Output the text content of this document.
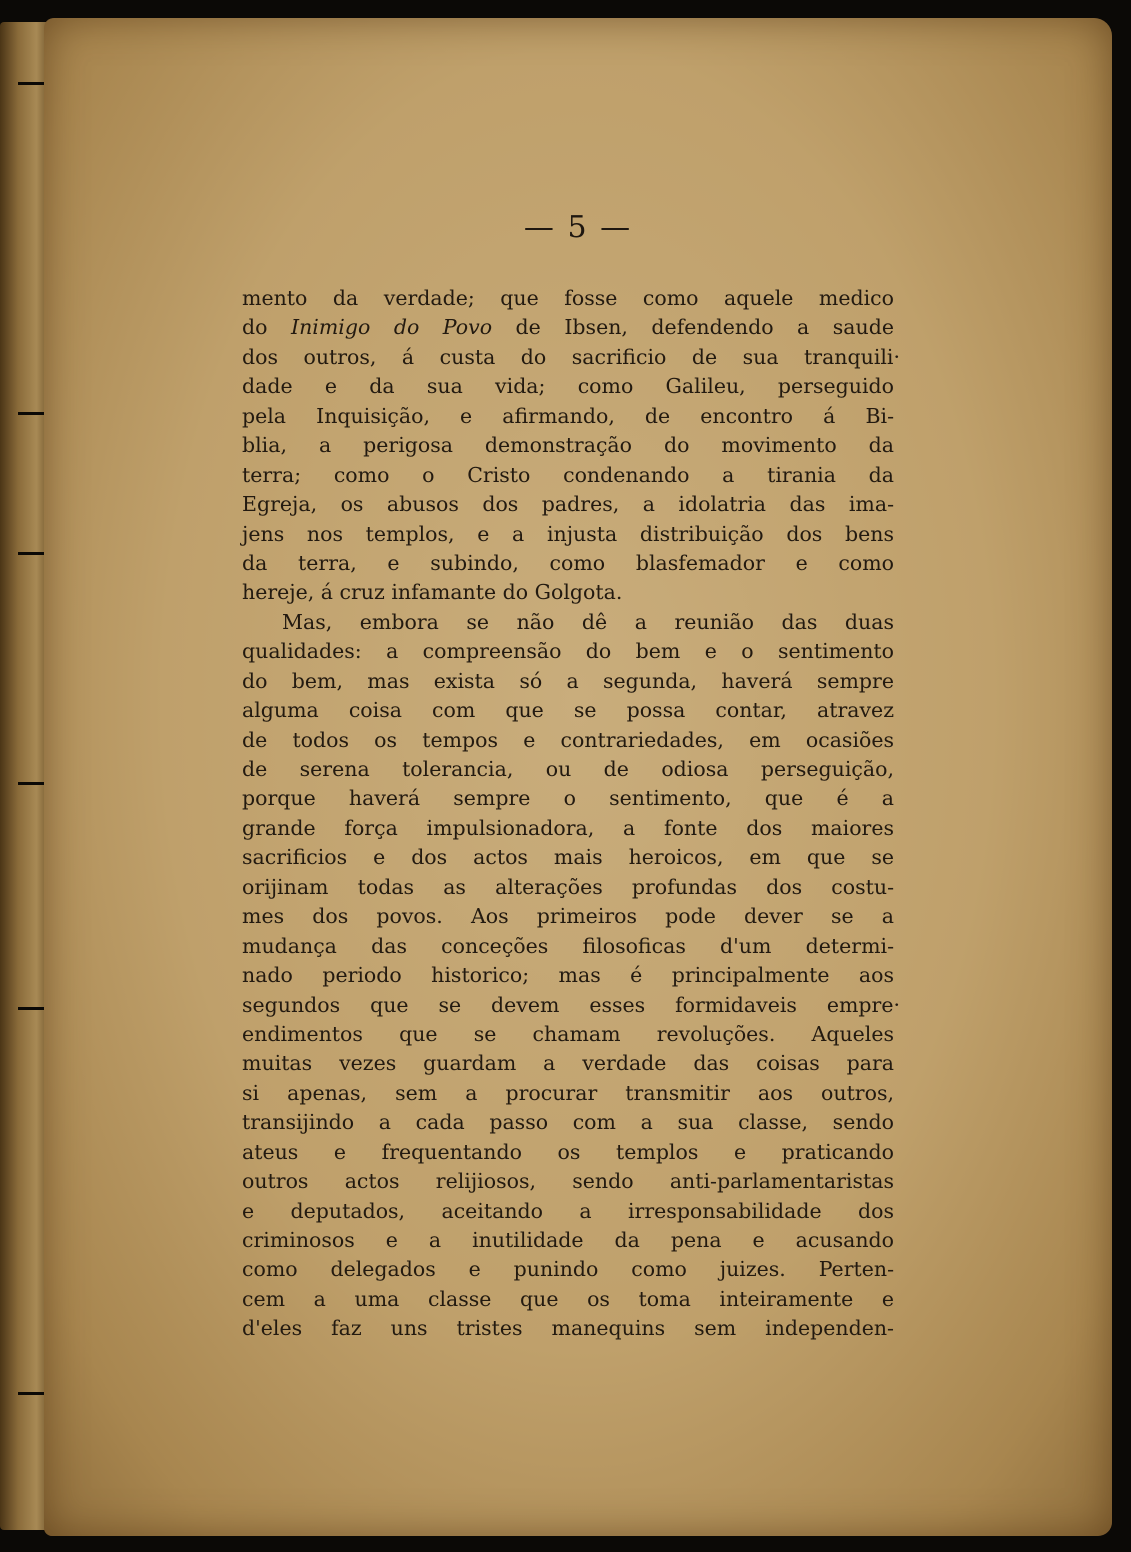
— 5 —
mento da verdade; que fosse como aquele medico
do Inimigo do Povo de Ibsen, defendendo a saude
dos outros, á custa do sacrificio de sua tranquili·
dade e da sua vida; como Galileu, perseguido
pela Inquisição, e afirmando, de encontro á Bi-
blia, a perigosa demonstração do movimento da
terra; como o Cristo condenando a tirania da
Egreja, os abusos dos padres, a idolatria das ima-
jens nos templos, e a injusta distribuição dos bens
da terra, e subindo, como blasfemador e como
hereje, á cruz infamante do Golgota.
Mas, embora se não dê a reunião das duas
qualidades: a compreensão do bem e o sentimento
do bem, mas exista só a segunda, haverá sempre
alguma coisa com que se possa contar, atravez
de todos os tempos e contrariedades, em ocasiões
de serena tolerancia, ou de odiosa perseguição,
porque haverá sempre o sentimento, que é a
grande força impulsionadora, a fonte dos maiores
sacrificios e dos actos mais heroicos, em que se
orijinam todas as alterações profundas dos costu-
mes dos povos. Aos primeiros pode dever se a
mudança das conceções filosoficas d'um determi-
nado periodo historico; mas é principalmente aos
segundos que se devem esses formidaveis empre·
endimentos que se chamam revoluções. Aqueles
muitas vezes guardam a verdade das coisas para
si apenas, sem a procurar transmitir aos outros,
transijindo a cada passo com a sua classe, sendo
ateus e frequentando os templos e praticando
outros actos relijiosos, sendo anti-parlamentaristas
e deputados, aceitando a irresponsabilidade dos
criminosos e a inutilidade da pena e acusando
como delegados e punindo como juizes. Perten-
cem a uma classe que os toma inteiramente e
d'eles faz uns tristes manequins sem independen-
